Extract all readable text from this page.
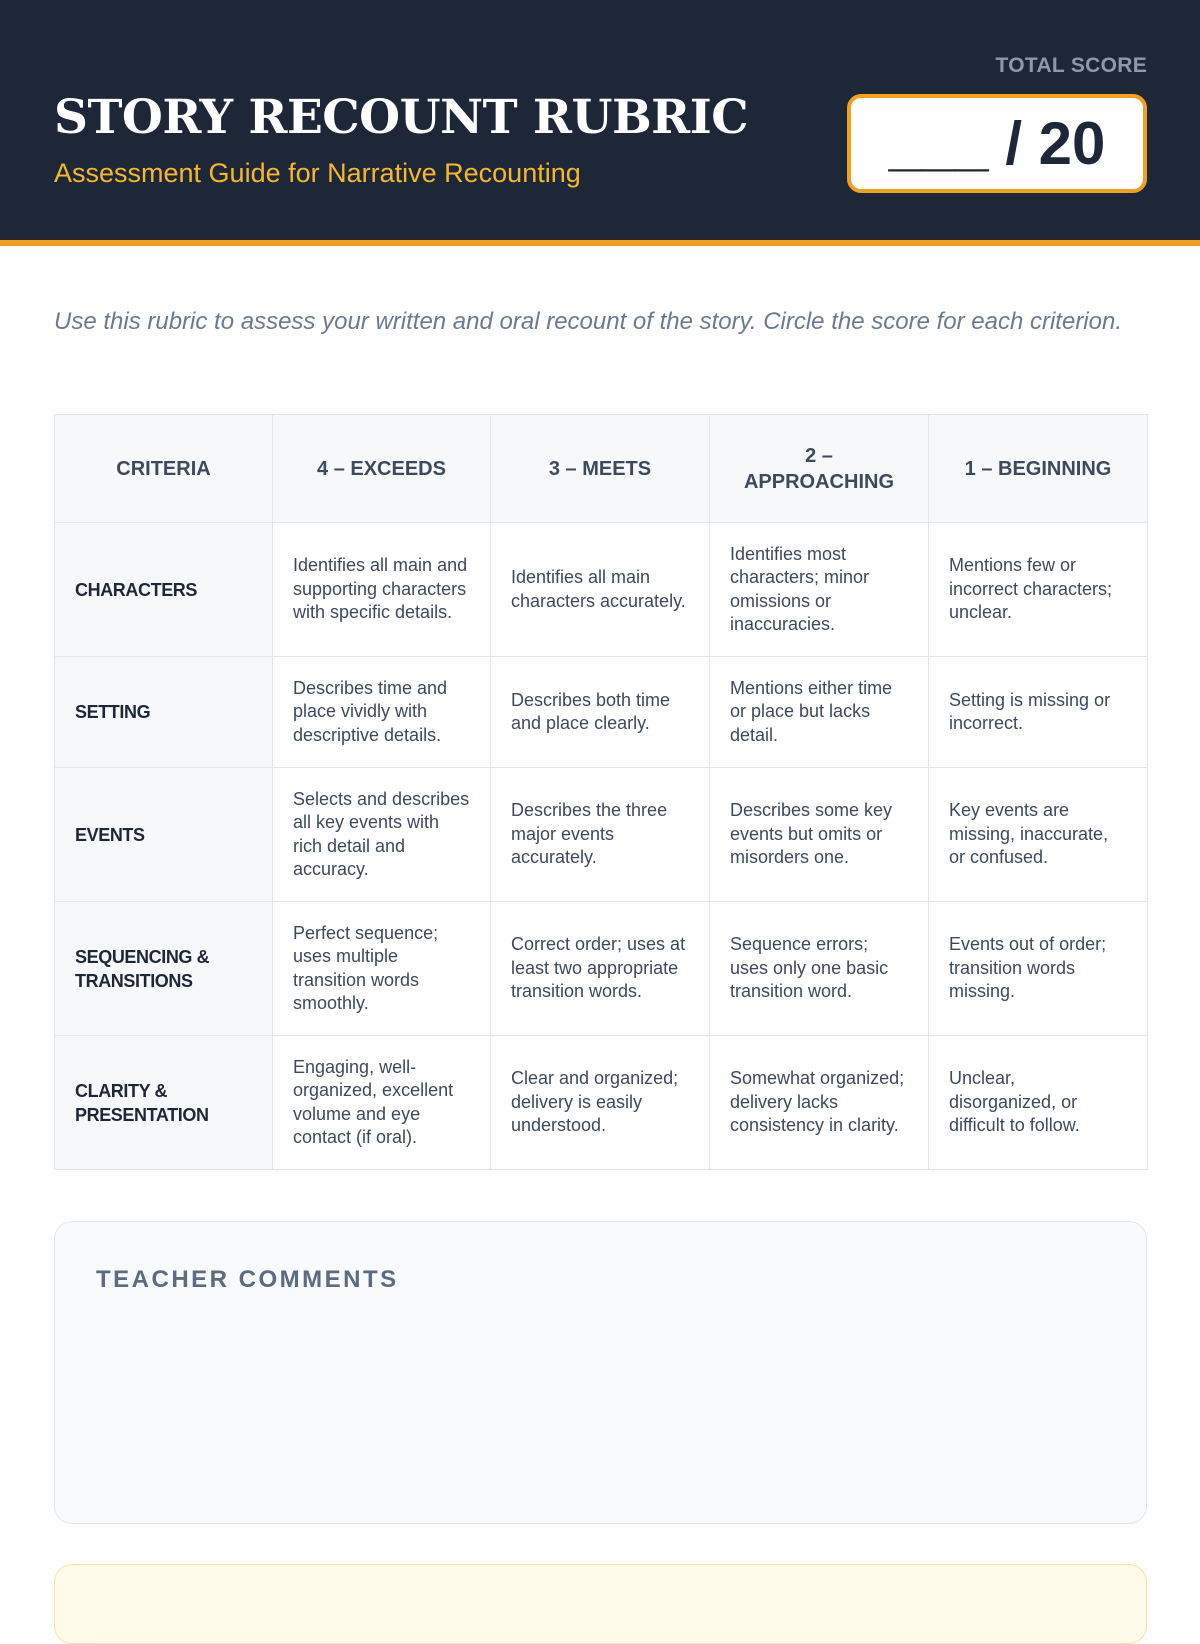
STORY RECOUNT RUBRIC
Assessment Guide for Narrative Recounting
TOTAL SCORE
___ / 20

Use this rubric to assess your written and oral recount of the story. Circle the score for each criterion.

CRITERIA	4 – EXCEEDS	3 – MEETS	2 – APPROACHING	1 – BEGINNING
CHARACTERS	Identifies all main and supporting characters with specific details.	Identifies all main characters accurately.	Identifies most characters; minor omissions or inaccuracies.	Mentions few or incorrect characters; unclear.
SETTING	Describes time and place vividly with descriptive details.	Describes both time and place clearly.	Mentions either time or place but lacks detail.	Setting is missing or incorrect.
EVENTS	Selects and describes all key events with rich detail and accuracy.	Describes the three major events accurately.	Describes some key events but omits or misorders one.	Key events are missing, inaccurate, or confused.
SEQUENCING & TRANSITIONS	Perfect sequence; uses multiple transition words smoothly.	Correct order; uses at least two appropriate transition words.	Sequence errors; uses only one basic transition word.	Events out of order; transition words missing.
CLARITY & PRESENTATION	Engaging, well-organized, excellent volume and eye contact (if oral).	Clear and organized; delivery is easily understood.	Somewhat organized; delivery lacks consistency in clarity.	Unclear, disorganized, or difficult to follow.
TEACHER COMMENTS
